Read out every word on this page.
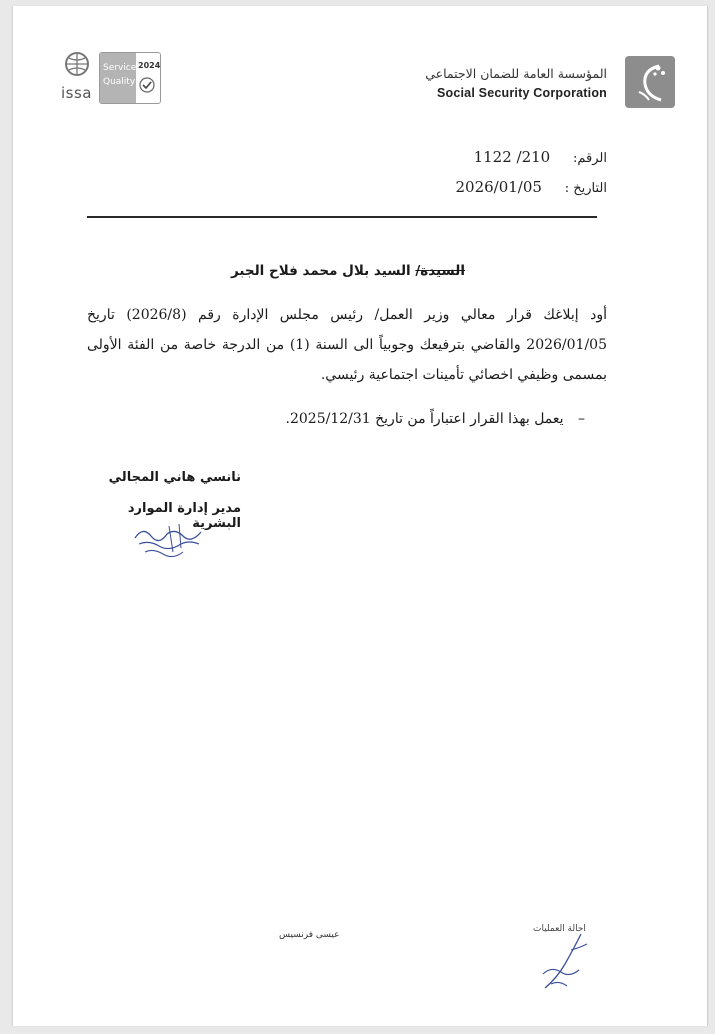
issa
Service
Quality
2024
المؤسسة العامة للضمان الاجتماعي
Social Security Corporation
الرقم: 210/ 1122
التاريخ : 2026/01/05
السيدة/ السيد بلال محمد فلاح الجبر
أود إبلاغك قرار معالي وزير العمل/ رئيس مجلس الإدارة رقم (2026/8) تاريخ 2026/01/05 والقاضي بترفيعك وجوبياً الى السنة (1) من الدرجة خاصة من الفئة الأولى بمسمى وظيفي اخصائي تأمينات اجتماعية رئيسي.
– يعمل بهذا القرار اعتباراً من تاريخ 2025/12/31.
نانسي هاني المجالي
مدير إدارة الموارد البشرية
عيسى فرنسيس
احالة العمليات
